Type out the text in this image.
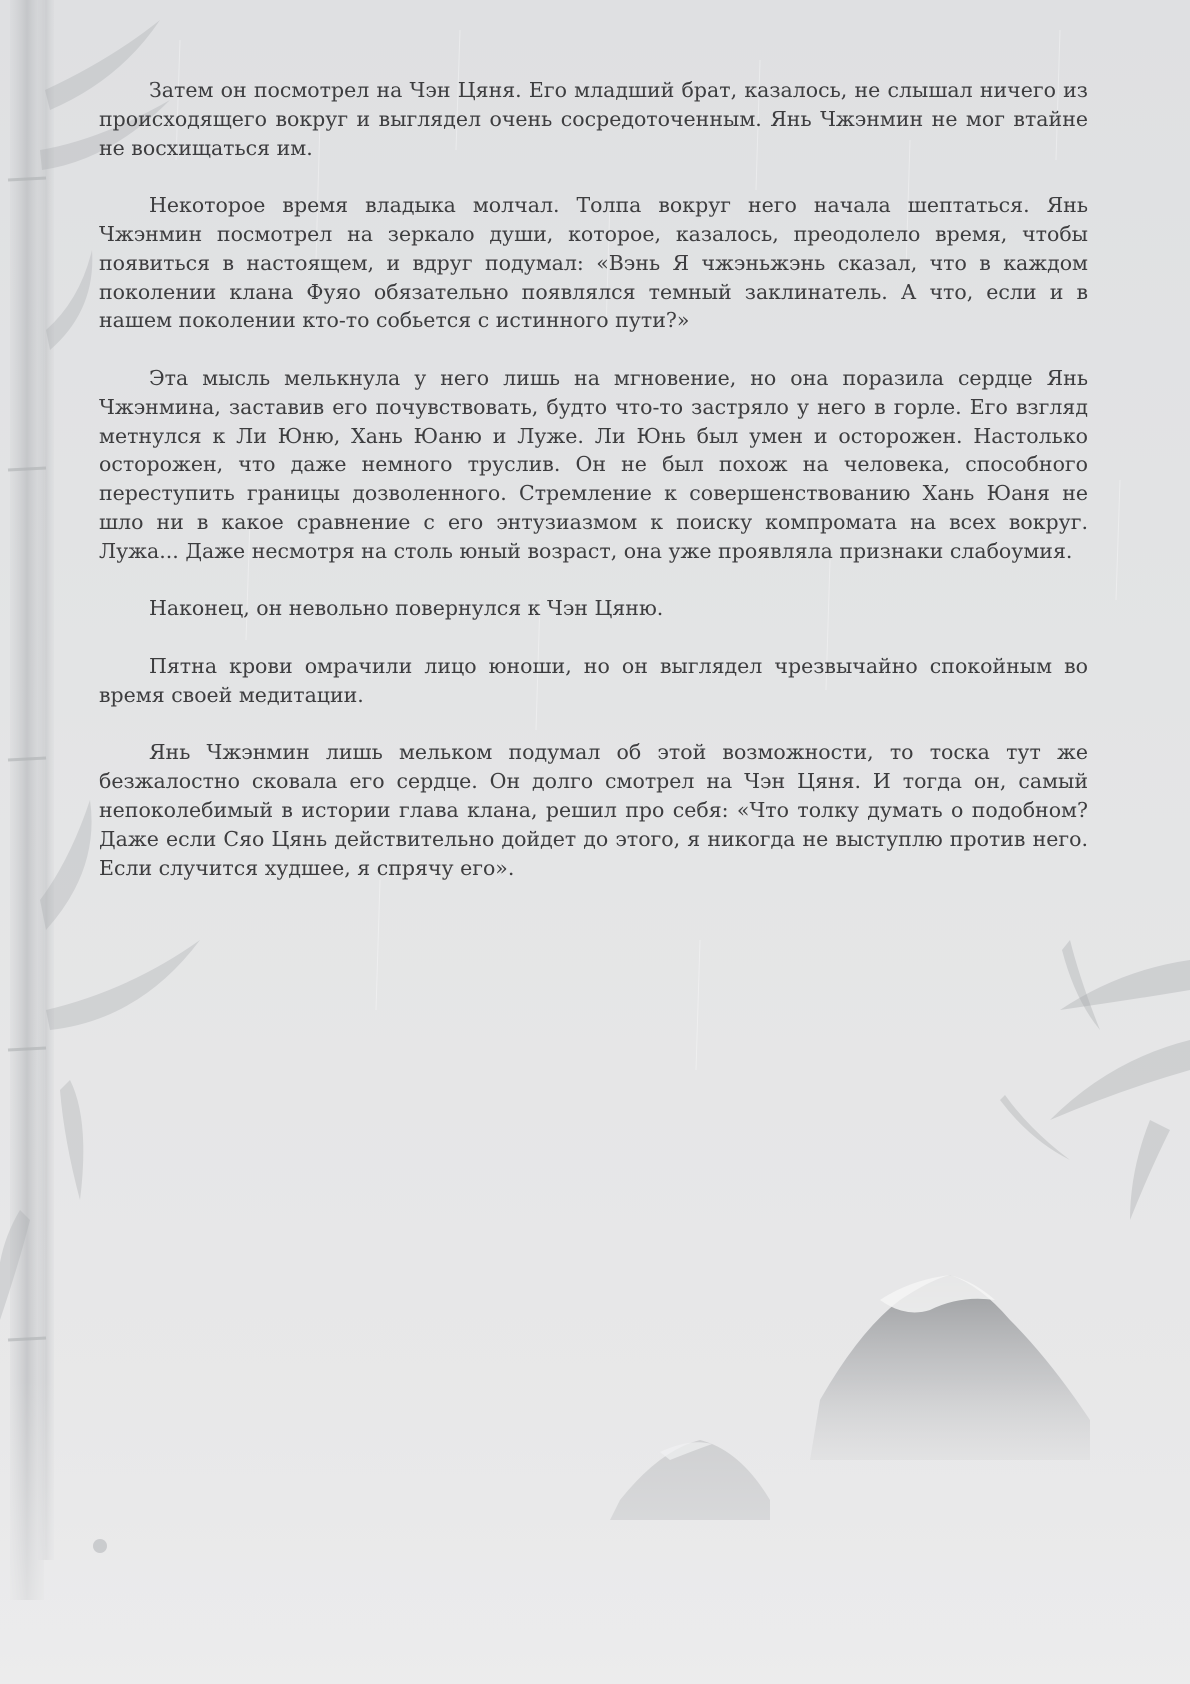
Затем он посмотрел на Чэн Цяня. Его младший брат, казалось, не слышал ничего из происходящего вокруг и выглядел очень сосредоточенным. Янь Чжэнмин не мог втайне не восхищаться им.

Некоторое время владыка молчал. Толпа вокруг него начала шептаться. Янь Чжэнмин посмотрел на зеркало души, которое, казалось, преодолело время, чтобы появиться в настоящем, и вдруг подумал: «Вэнь Я чжэньжэнь сказал, что в каждом поколении клана Фуяо обязательно появлялся темный заклинатель. А что, если и в нашем поколении кто-то собьется с истинного пути?»

Эта мысль мелькнула у него лишь на мгновение, но она поразила сердце Янь Чжэнмина, заставив его почувствовать, будто что-то застряло у него в горле. Его взгляд метнулся к Ли Юню, Хань Юаню и Луже. Ли Юнь был умен и осторожен. Настолько осторожен, что даже немного труслив. Он не был похож на человека, способного переступить границы дозволенного. Стремление к совершенствованию Хань Юаня не шло ни в какое сравнение с его энтузиазмом к поиску компромата на всех вокруг. Лужа... Даже несмотря на столь юный возраст, она уже проявляла признаки слабоумия.

Наконец, он невольно повернулся к Чэн Цяню.

Пятна крови омрачили лицо юноши, но он выглядел чрезвычайно спокойным во время своей медитации.

Янь Чжэнмин лишь мельком подумал об этой возможности, то тоска тут же безжалостно сковала его сердце. Он долго смотрел на Чэн Цяня. И тогда он, самый непоколебимый в истории глава клана, решил про себя: «Что толку думать о подобном? Даже если Сяо Цянь действительно дойдет до этого, я никогда не выступлю против него. Если случится худшее, я спрячу его».
